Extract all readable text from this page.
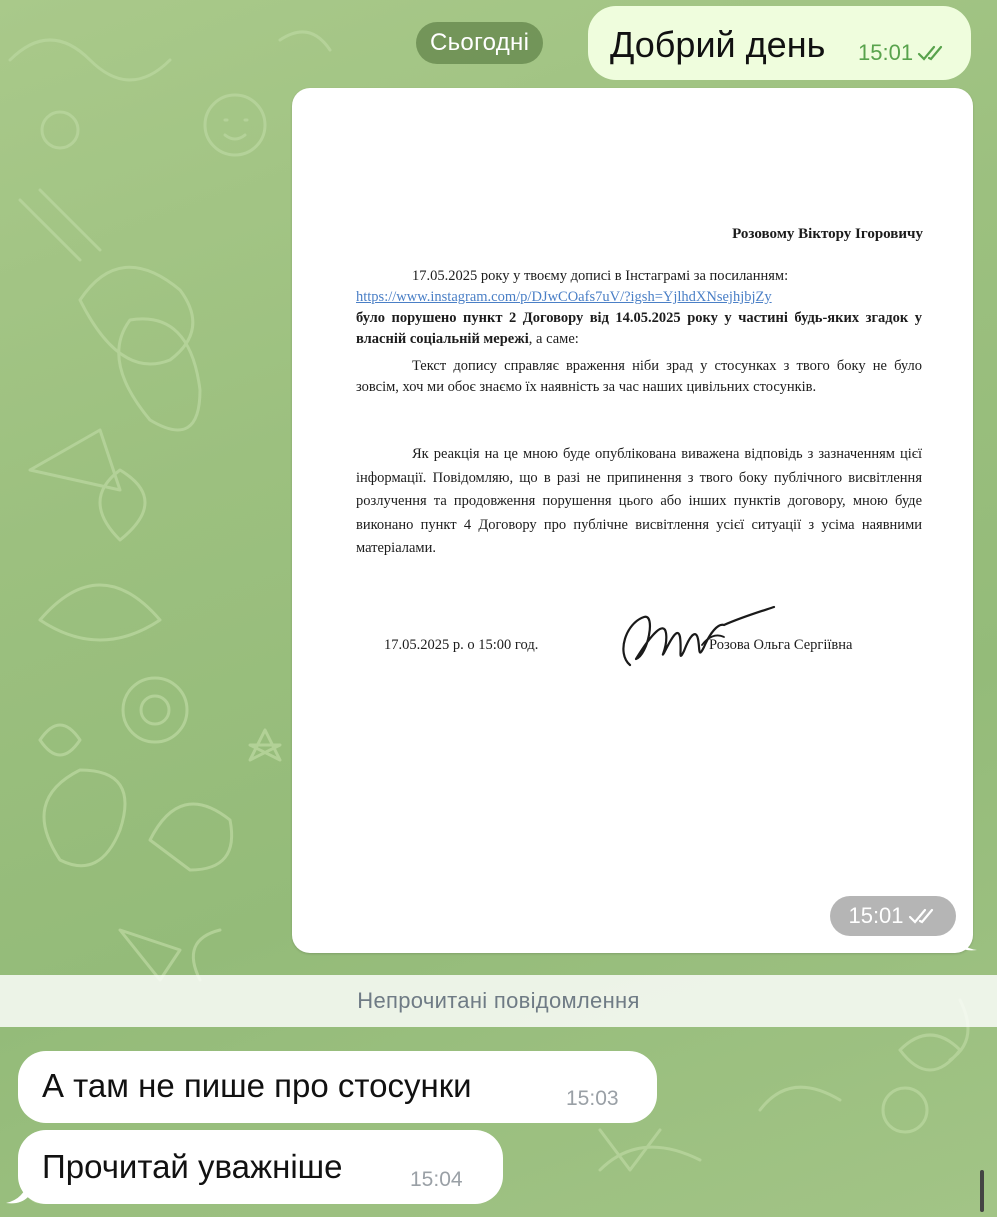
Сьогодні	Добрий день 15:01
Розовому Віктору Ігоровичу
17.05.2025 року у твоєму дописі в Інстаграмі за посиланням:
https://www.instagram.com/p/DJwCOafs7uV/?igsh=YjlhdXNsejhjbjZy
було порушено пункт 2 Договору від 14.05.2025 року у частині будь-яких згадок у власній соціальній мережі, а саме:
Текст допису справляє враження ніби зрад у стосунках з твого боку не було зовсім, хоч ми обоє знаємо їх наявність за час наших цивільних стосунків.
Як реакція на це мною буде опублікована виважена відповідь з зазначенням цієї інформації. Повідомляю, що в разі не припинення з твого боку публічного висвітлення розлучення та продовження порушення цього або інших пунктів договору, мною буде виконано пункт 4 Договору про публічне висвітлення усієї ситуації з усіма наявними матеріалами.
17.05.2025 р. о 15:00 год.	Розова Ольга Сергіївна
15:01
Непрочитані повідомлення
А там не пише про стосунки	15:03
Прочитай уважніше	15:04
